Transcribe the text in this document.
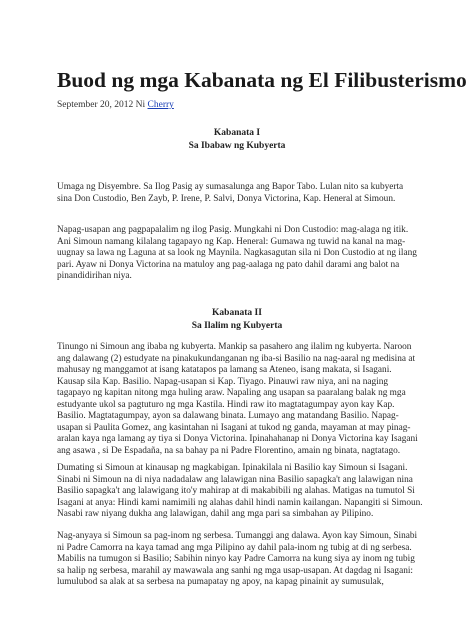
Buod ng mga Kabanata ng El Filibusterismo
September 20, 2012 Ni Cherry
Kabanata I
Sa Ibabaw ng Kubyerta
Umaga ng Disyembre. Sa Ilog Pasig ay sumasalunga ang Bapor Tabo. Lulan nito sa kubyerta
sina Don Custodio, Ben Zayb, P. Irene, P. Salvi, Donya Victorina, Kap. Heneral at Simoun.
Napag-usapan ang pagpapalalim ng ilog Pasig. Mungkahi ni Don Custodio: mag-alaga ng itik.
Ani Simoun namang kilalang tagapayo ng Kap. Heneral: Gumawa ng tuwid na kanal na mag-
uugnay sa lawa ng Laguna at sa look ng Maynila. Nagkasagutan sila ni Don Custodio at ng ilang
pari. Ayaw ni Donya Victorina na matuloy ang pag-aalaga ng pato dahil darami ang balot na
pinandidirihan niya.
Kabanata II
Sa Ilalim ng Kubyerta
Tinungo ni Simoun ang ibaba ng kubyerta. Mankip sa pasahero ang ilalim ng kubyerta. Naroon
ang dalawang (2) estudyate na pinakukundanganan ng iba-si Basilio na nag-aaral ng medisina at
mahusay ng manggamot at isang katatapos pa lamang sa Ateneo, isang makata, si Isagani.
Kausap sila Kap. Basilio. Napag-usapan si Kap. Tiyago. Pinauwi raw niya, ani na naging
tagapayo ng kapitan nitong mga huling araw. Napaling ang usapan sa paaralang balak ng mga
estudyante ukol sa pagtuturo ng mga Kastila. Hindi raw ito magtatagumpay ayon kay Kap.
Basilio. Magtatagumpay, ayon sa dalawang binata. Lumayo ang matandang Basilio. Napag-
usapan si Paulita Gomez, ang kasintahan ni Isagani at tukod ng ganda, mayaman at may pinag-
aralan kaya nga lamang ay tiya si Donya Victorina. Ipinahahanap ni Donya Victorina kay Isagani
ang asawa , si De Espadaña, na sa bahay pa ni Padre Florentino, amain ng binata, nagtatago.
Dumating si Simoun at kinausap ng magkabigan. Ipinakilala ni Basilio kay Simoun si Isagani.
Sinabi ni Simoun na di niya nadadalaw ang lalawigan nina Basilio sapagka't ang lalawigan nina
Basilio sapagka't ang lalawigang ito'y mahirap at di makabibili ng alahas. Matigas na tumutol Si
Isagani at anya: Hindi kami namimili ng alahas dahil hindi namin kailangan. Napangiti si Simoun.
Nasabi raw niyang dukha ang lalawigan, dahil ang mga pari sa simbahan ay Pilipino.
Nag-anyaya si Simoun sa pag-inom ng serbesa. Tumanggi ang dalawa. Ayon kay Simoun, Sinabi
ni Padre Camorra na kaya tamad ang mga Pilipino ay dahil pala-inom ng tubig at di ng serbesa.
Mabilis na tumugon si Basilio; Sabihin ninyo kay Padre Camorra na kung siya ay inom ng tubig
sa halip ng serbesa, marahil ay mawawala ang sanhi ng mga usap-usapan. At dagdag ni Isagani:
lumulubod sa alak at sa serbesa na pumapatay ng apoy, na kapag pinainit ay sumusulak,
